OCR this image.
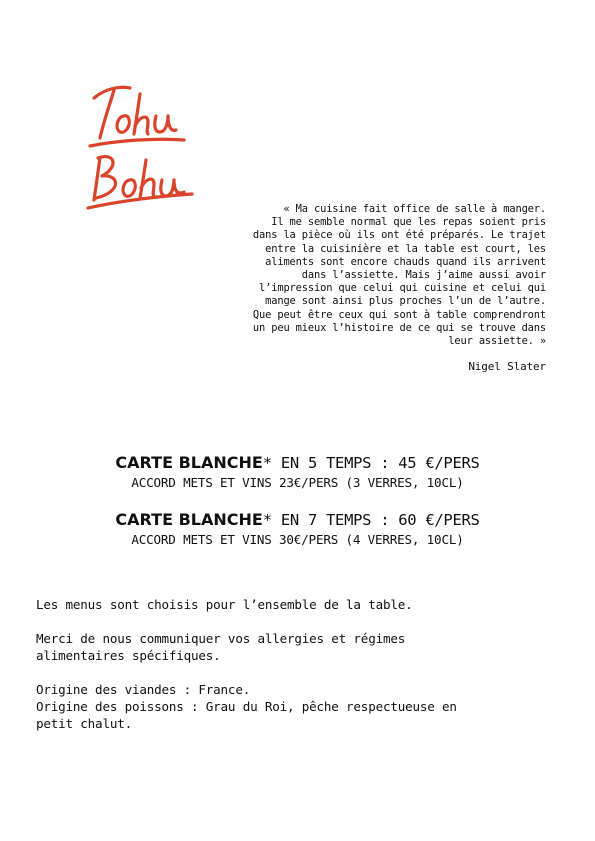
« Ma cuisine fait office de salle à manger.
Il me semble normal que les repas soient pris
dans la pièce où ils ont été préparés. Le trajet
entre la cuisinière et la table est court, les
aliments sont encore chauds quand ils arrivent
dans l’assiette. Mais j’aime aussi avoir
l’impression que celui qui cuisine et celui qui
mange sont ainsi plus proches l’un de l’autre.
Que peut être ceux qui sont à table comprendront
un peu mieux l’histoire de ce qui se trouve dans
leur assiette. »
Nigel Slater
CARTE BLANCHE* EN 5 TEMPS : 45 €/PERS
ACCORD METS ET VINS 23€/PERS (3 VERRES, 10CL)
CARTE BLANCHE* EN 7 TEMPS : 60 €/PERS
ACCORD METS ET VINS 30€/PERS (4 VERRES, 10CL)

Les menus sont choisis pour l’ensemble de la table.

Merci de nous communiquer vos allergies et régimes
alimentaires spécifiques.

Origine des viandes : France.
Origine des poissons : Grau du Roi, pêche respectueuse en
petit chalut.
